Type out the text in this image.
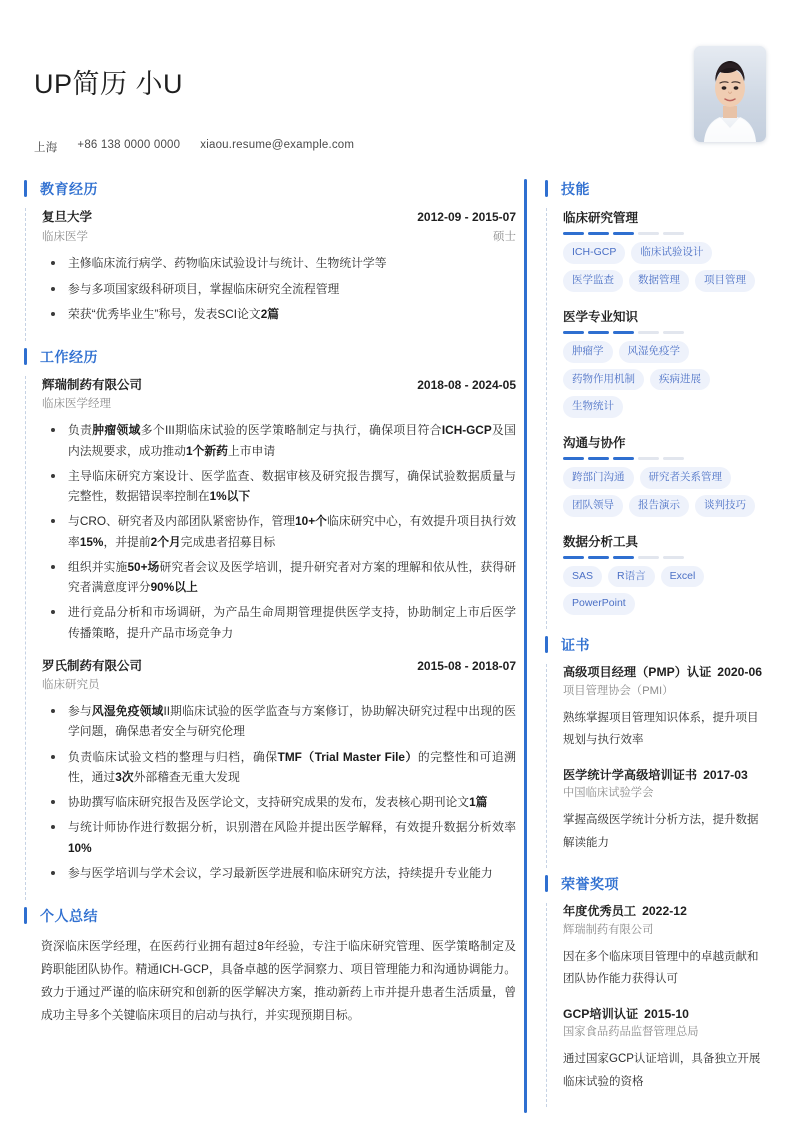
UP简历 小U
上海 +86 138 0000 0000 xiaou.resume@example.com
教育经历
复旦大学	2012-09 - 2015-07
临床医学	硕士
主修临床流行病学、药物临床试验设计与统计、生物统计学等
参与多项国家级科研项目，掌握临床研究全流程管理
荣获“优秀毕业生”称号，发表SCI论文2篇
工作经历
辉瑞制药有限公司	2018-08 - 2024-05
临床医学经理
负责肿瘤领域多个III期临床试验的医学策略制定与执行，确保项目符合ICH-GCP及国内法规要求，成功推动1个新药上市申请
主导临床研究方案设计、医学监查、数据审核及研究报告撰写，确保试验数据质量与完整性，数据错误率控制在1%以下
与CRO、研究者及内部团队紧密协作，管理10+个临床研究中心，有效提升项目执行效率15%，并提前2个月完成患者招募目标
组织并实施50+场研究者会议及医学培训，提升研究者对方案的理解和依从性，获得研究者满意度评分90%以上
进行竞品分析和市场调研，为产品生命周期管理提供医学支持，协助制定上市后医学传播策略，提升产品市场竞争力
罗氏制药有限公司	2015-08 - 2018-07
临床研究员
参与风湿免疫领域II期临床试验的医学监查与方案修订，协助解决研究过程中出现的医学问题，确保患者安全与研究伦理
负责临床试验文档的整理与归档，确保TMF（Trial Master File）的完整性和可追溯性，通过3次外部稽查无重大发现
协助撰写临床研究报告及医学论文，支持研究成果的发布，发表核心期刊论文1篇
与统计师协作进行数据分析，识别潜在风险并提出医学解释，有效提升数据分析效率10%
参与医学培训与学术会议，学习最新医学进展和临床研究方法，持续提升专业能力
个人总结
资深临床医学经理，在医药行业拥有超过8年经验，专注于临床研究管理、医学策略制定及跨职能团队协作。精通ICH-GCP，具备卓越的医学洞察力、项目管理能力和沟通协调能力。致力于通过严谨的临床研究和创新的医学解决方案，推动新药上市并提升患者生活质量，曾成功主导多个关键临床项目的启动与执行，并实现预期目标。
技能
临床研究管理
ICH-GCP	临床试验设计
医学监查	数据管理	项目管理
医学专业知识
肿瘤学	风湿免疫学
药物作用机制	疾病进展
生物统计
沟通与协作
跨部门沟通	研究者关系管理
团队领导	报告演示	谈判技巧
数据分析工具
SAS	R语言	Excel
PowerPoint
证书
高级项目经理（PMP）认证 2020-06
项目管理协会（PMI）
熟练掌握项目管理知识体系，提升项目规划与执行效率
医学统计学高级培训证书 2017-03
中国临床试验学会
掌握高级医学统计分析方法，提升数据解读能力
荣誉奖项
年度优秀员工 2022-12
辉瑞制药有限公司
因在多个临床项目管理中的卓越贡献和团队协作能力获得认可
GCP培训认证 2015-10
国家食品药品监督管理总局
通过国家GCP认证培训，具备独立开展临床试验的资格
